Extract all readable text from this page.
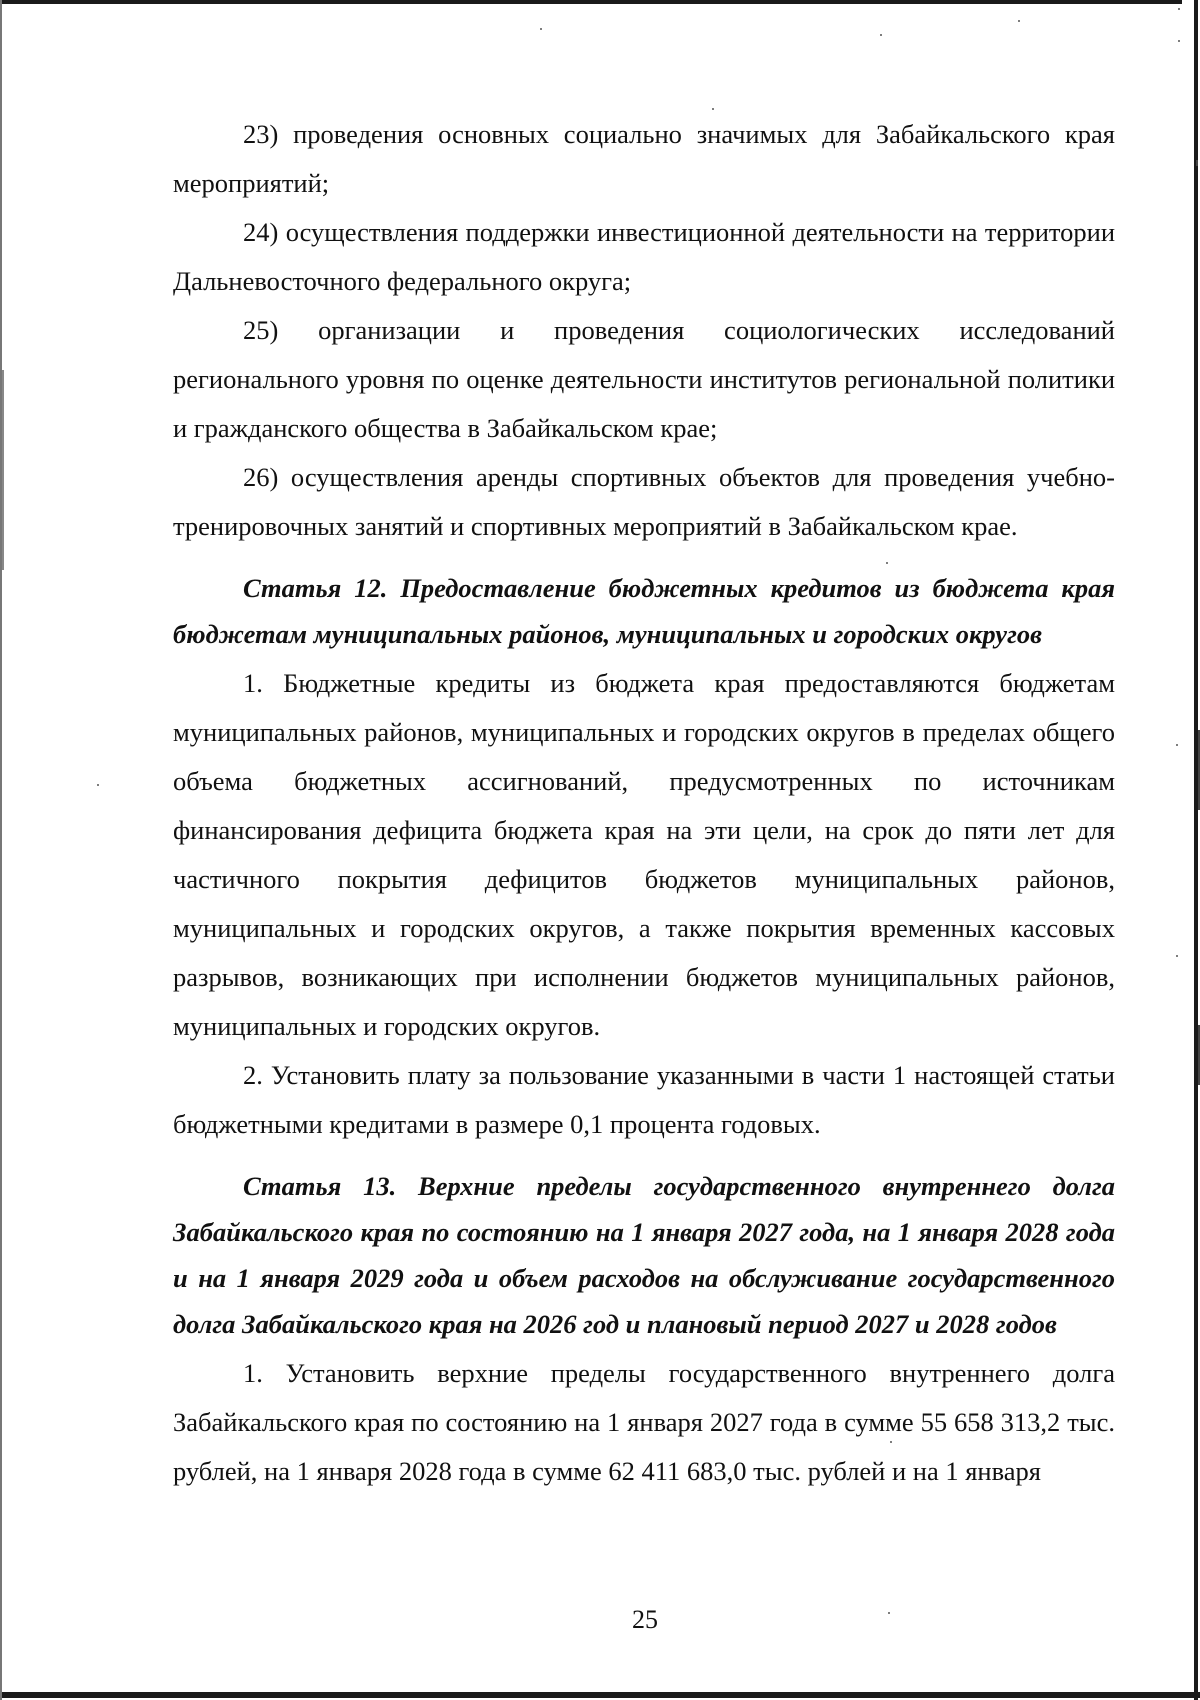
23) проведения основных социально значимых для Забайкальского края мероприятий;

24) осуществления поддержки инвестиционной деятельности на территории Дальневосточного федерального округа;

25) организации и проведения социологических исследований регионального уровня по оценке деятельности институтов региональной политики и гражданского общества в Забайкальском крае;

26) осуществления аренды спортивных объектов для проведения учебно-тренировочных занятий и спортивных мероприятий в Забайкальском крае.

Статья 12. Предоставление бюджетных кредитов из бюджета края бюджетам муниципальных районов, муниципальных и городских округов

1. Бюджетные кредиты из бюджета края предоставляются бюджетам муниципальных районов, муниципальных и городских округов в пределах общего объема бюджетных ассигнований, предусмотренных по источникам финансирования дефицита бюджета края на эти цели, на срок до пяти лет для частичного покрытия дефицитов бюджетов муниципальных районов, муниципальных и городских округов, а также покрытия временных кассовых разрывов, возникающих при исполнении бюджетов муниципальных районов, муниципальных и городских округов.

2. Установить плату за пользование указанными в части 1 настоящей статьи бюджетными кредитами в размере 0,1 процента годовых.

Статья 13. Верхние пределы государственного внутреннего долга Забайкальского края по состоянию на 1 января 2027 года, на 1 января 2028 года и на 1 января 2029 года и объем расходов на обслуживание государственного долга Забайкальского края на 2026 год и плановый период 2027 и 2028 годов

1. Установить верхние пределы государственного внутреннего долга Забайкальского края по состоянию на 1 января 2027 года в сумме 55 658 313,2 тыс. рублей, на 1 января 2028 года в сумме 62 411 683,0 тыс. рублей и на 1 января

25
